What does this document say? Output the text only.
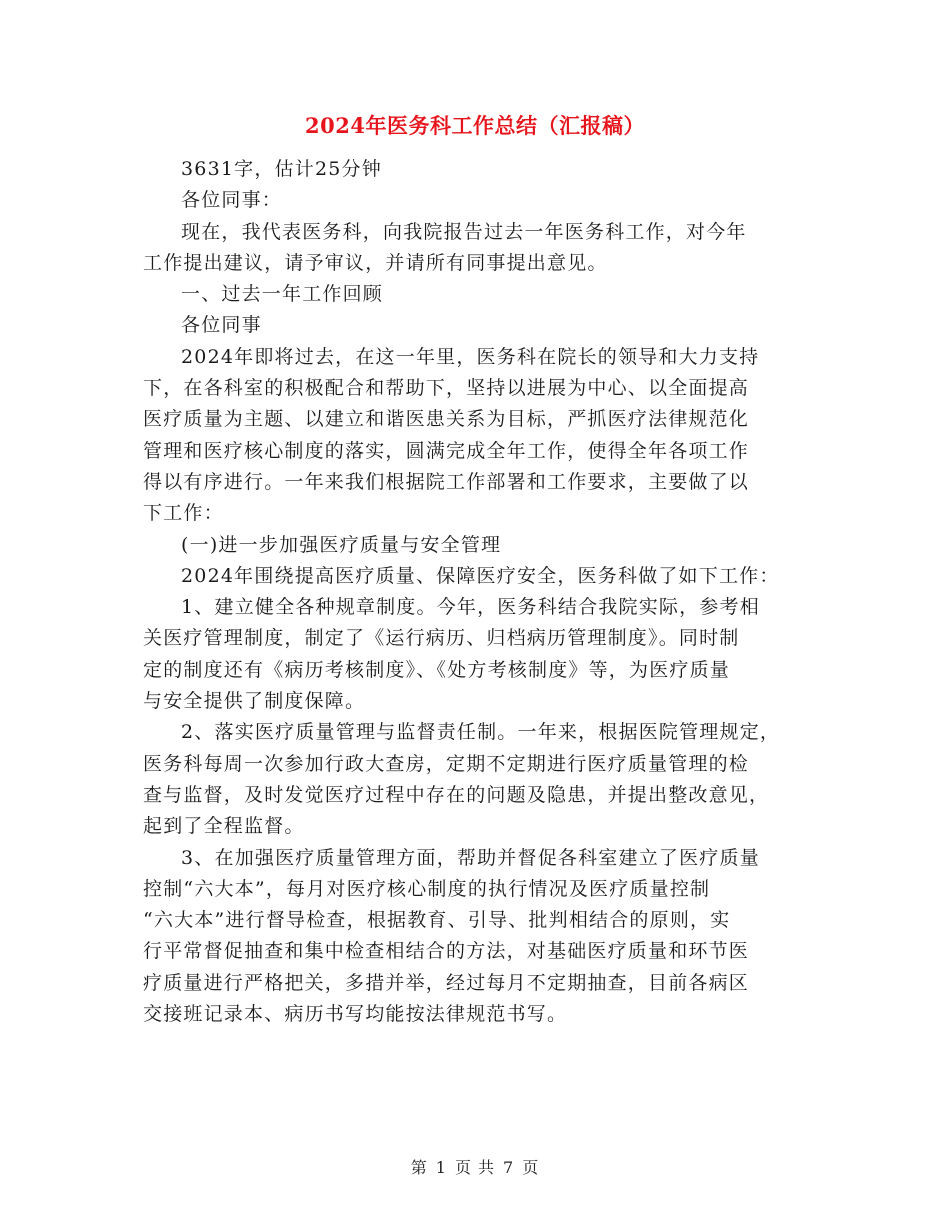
2024年医务科工作总结（汇报稿）

3631字，估计25分钟

各位同事：

现在，我代表医务科，向我院报告过去一年医务科工作，对今年
工作提出建议，请予审议，并请所有同事提出意见。

一、过去一年工作回顾

各位同事

2024年即将过去，在这一年里，医务科在院长的领导和大力支持
下，在各科室的积极配合和帮助下，坚持以进展为中心、以全面提高
医疗质量为主题、以建立和谐医患关系为目标，严抓医疗法律规范化
管理和医疗核心制度的落实，圆满完成全年工作，使得全年各项工作
得以有序进行。一年来我们根据院工作部署和工作要求，主要做了以
下工作：

(一)进一步加强医疗质量与安全管理

2024年围绕提高医疗质量、保障医疗安全，医务科做了如下工作：

1、建立健全各种规章制度。今年，医务科结合我院实际，参考相
关医疗管理制度，制定了《运行病历、归档病历管理制度》。同时制
定的制度还有《病历考核制度》、《处方考核制度》等，为医疗质量
与安全提供了制度保障。

2、落实医疗质量管理与监督责任制。一年来，根据医院管理规定，
医务科每周一次参加行政大查房，定期不定期进行医疗质量管理的检
查与监督，及时发觉医疗过程中存在的问题及隐患，并提出整改意见，
起到了全程监督。

3、在加强医疗质量管理方面，帮助并督促各科室建立了医疗质量
控制“六大本”，每月对医疗核心制度的执行情况及医疗质量控制
“六大本”进行督导检查，根据教育、引导、批判相结合的原则，实
行平常督促抽查和集中检查相结合的方法，对基础医疗质量和环节医
疗质量进行严格把关，多措并举，经过每月不定期抽查，目前各病区
交接班记录本、病历书写均能按法律规范书写。

第 1 页 共 7 页
